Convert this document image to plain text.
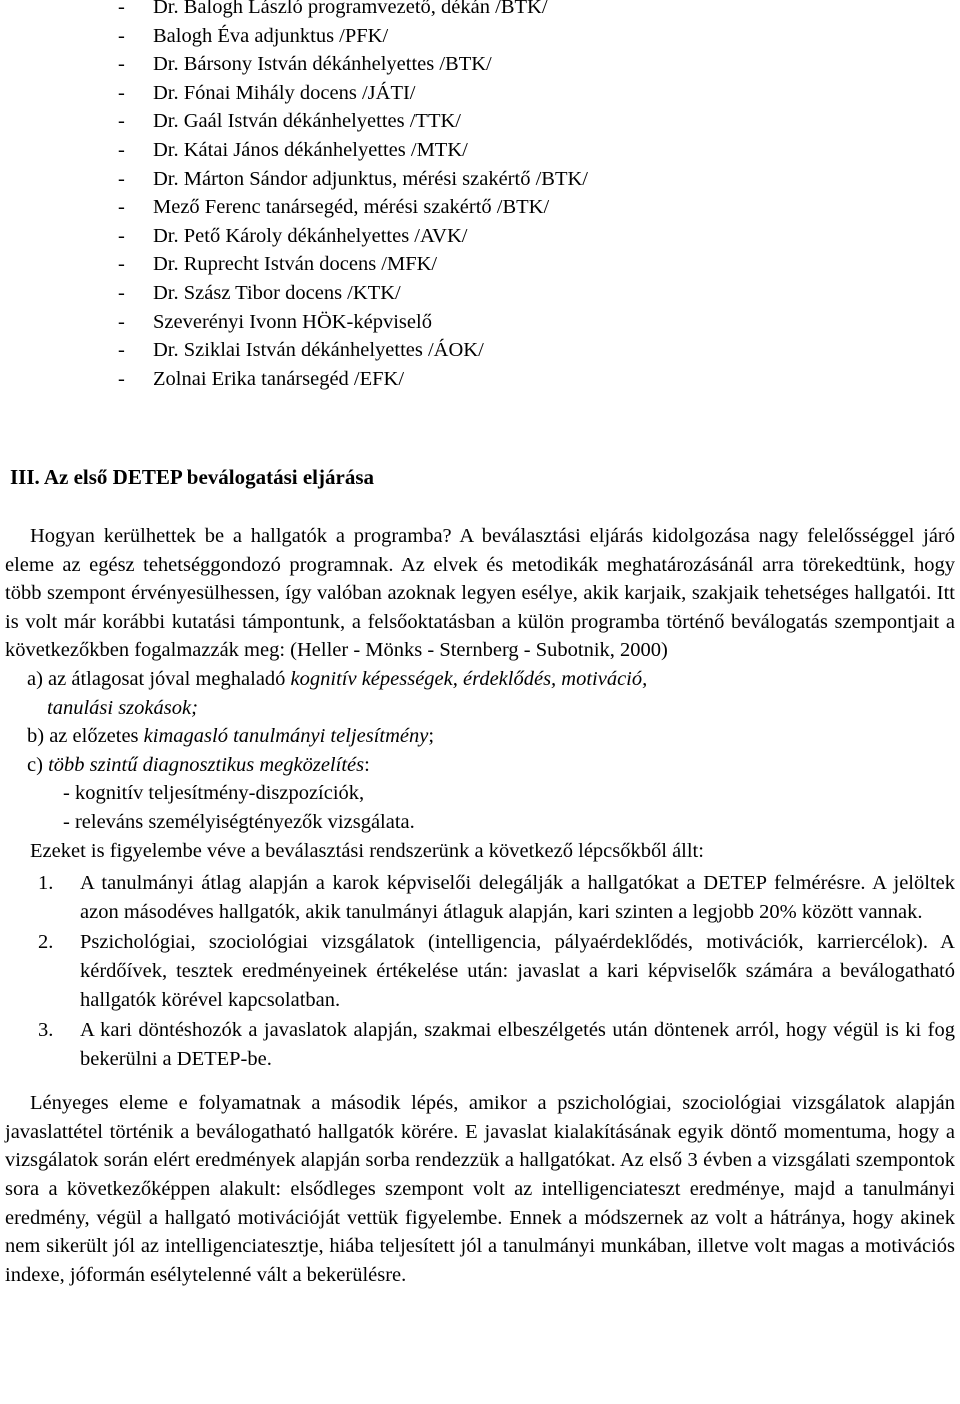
- Dr. Balogh László programvezető, dékán /BTK/
- Balogh Éva adjunktus /PFK/
- Dr. Bársony István dékánhelyettes /BTK/
- Dr. Fónai Mihály docens /JÁTI/
- Dr. Gaál István dékánhelyettes /TTK/
- Dr. Kátai János dékánhelyettes /MTK/
- Dr. Márton Sándor adjunktus, mérési szakértő /BTK/
- Mező Ferenc tanársegéd, mérési szakértő /BTK/
- Dr. Pető Károly dékánhelyettes /AVK/
- Dr. Ruprecht István docens /MFK/
- Dr. Szász Tibor docens /KTK/
- Szeverényi Ivonn HÖK-képviselő
- Dr. Sziklai István dékánhelyettes /ÁOK/
- Zolnai Erika tanársegéd /EFK/
III. Az első DETEP beválogatási eljárása

Hogyan kerülhettek be a hallgatók a programba? A beválasztási eljárás kidolgozása nagy felelősséggel járó eleme az egész tehetséggondozó programnak. Az elvek és metodikák meghatározásánál arra törekedtünk, hogy több szempont érvényesülhessen, így valóban azoknak legyen esélye, akik karjaik, szakjaik tehetséges hallgatói. Itt is volt már korábbi kutatási támpontunk, a felsőoktatásban a külön programba történő beválogatás szempontjait a következőkben fogalmazzák meg: (Heller - Mönks - Sternberg - Subotnik, 2000)

a) az átlagosat jóval meghaladó kognitív képességek, érdeklődés, motiváció,
tanulási szokások;
b) az előzetes kimagasló tanulmányi teljesítmény;
c) több szintű diagnosztikus megközelítés:
- kognitív teljesítmény-diszpozíciók,
- releváns személyiségtényezők vizsgálata.
Ezeket is figyelembe véve a beválasztási rendszerünk a következő lépcsőkből állt:
1. A tanulmányi átlag alapján a karok képviselői delegálják a hallgatókat a DETEP felmérésre. A jelöltek azon másodéves hallgatók, akik tanulmányi átlaguk alapján, kari szinten a legjobb 20% között vannak.
2. Pszichológiai, szociológiai vizsgálatok (intelligencia, pályaérdeklődés, motivációk, karriercélok). A kérdőívek, tesztek eredményeinek értékelése után: javaslat a kari képviselők számára a beválogatható hallgatók körével kapcsolatban.
3. A kari döntéshozók a javaslatok alapján, szakmai elbeszélgetés után döntenek arról, hogy végül is ki fog bekerülni a DETEP-be.

Lényeges eleme e folyamatnak a második lépés, amikor a pszichológiai, szociológiai vizsgálatok alapján javaslattétel történik a beválogatható hallgatók körére. E javaslat kialakításának egyik döntő momentuma, hogy a vizsgálatok során elért eredmények alapján sorba rendezzük a hallgatókat. Az első 3 évben a vizsgálati szempontok sora a következőképpen alakult: elsődleges szempont volt az intelligenciateszt eredménye, majd a tanulmányi eredmény, végül a hallgató motivációját vettük figyelembe. Ennek a módszernek az volt a hátránya, hogy akinek nem sikerült jól az intelligenciatesztje, hiába teljesített jól a tanulmányi munkában, illetve volt magas a motivációs indexe, jóformán esélytelenné vált a bekerülésre.
